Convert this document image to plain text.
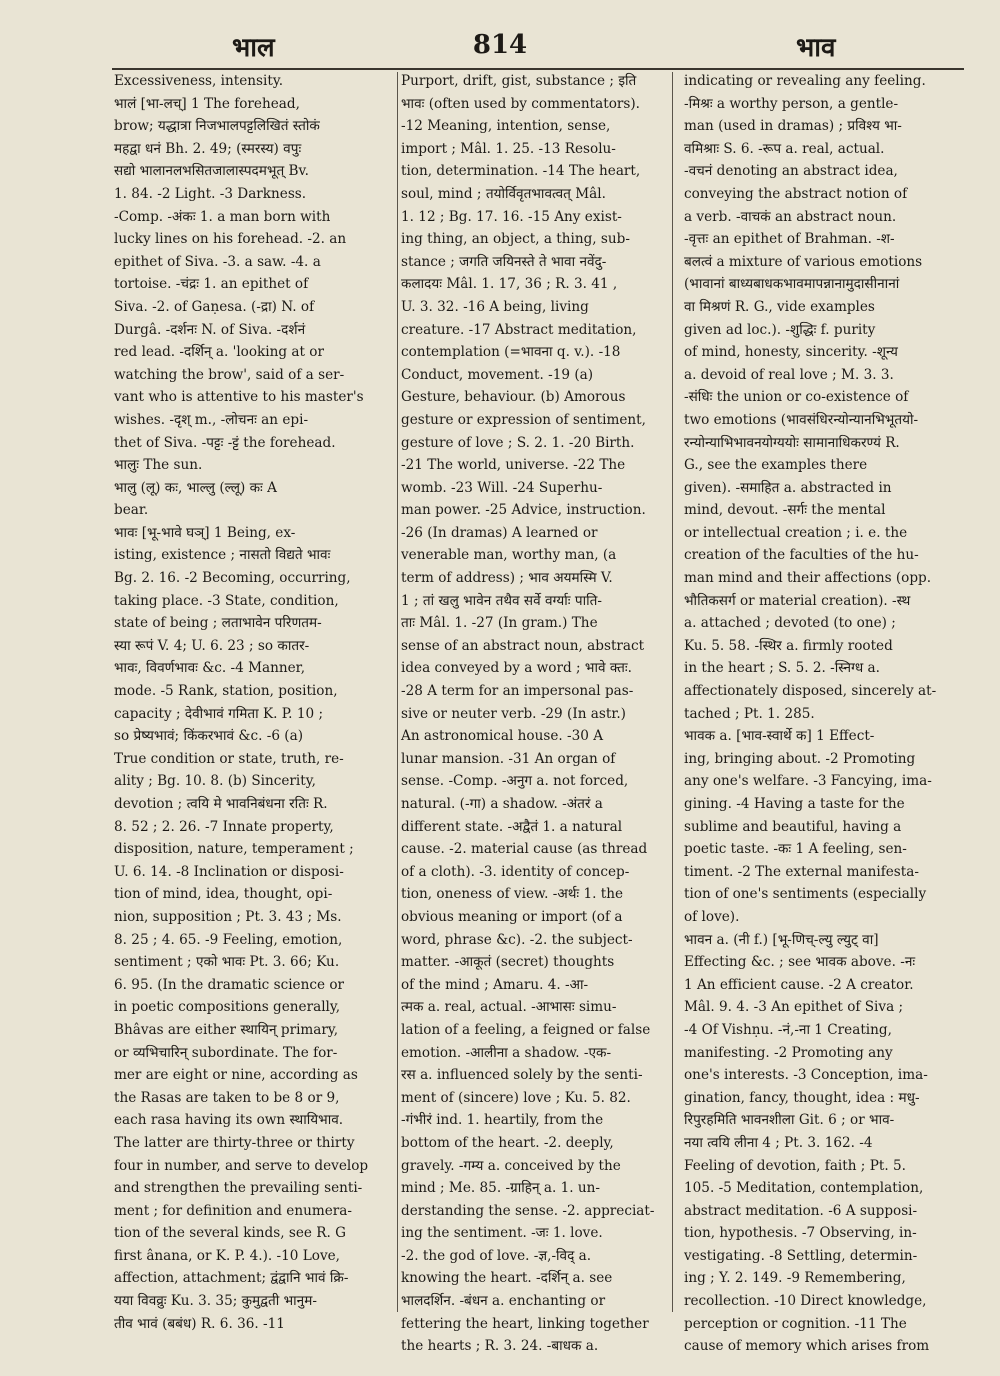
भाल	814	भाव
Excessiveness, intensity.
भालं [भा-लच्] 1 The forehead,
brow; यद्धात्रा निजभालपट्टलिखितं स्तोकं
महद्वा धनं Bh. 2. 49; (स्मरस्य) वपुः
सद्यो भालानलभसितजालास्पदमभूत् Bv.
1. 84. -2 Light. -3 Darkness.
-Comp. -अंकः 1. a man born with
lucky lines on his forehead. -2. an
epithet of Siva. -3. a saw. -4. a
tortoise. -चंद्रः 1. an epithet of
Siva. -2. of Gaṇesa. (-द्रा) N. of
Durgâ. -दर्शनः N. of Siva. -दर्शनं
red lead. -दर्शिन् a. 'looking at or
watching the brow', said of a ser-
vant who is attentive to his master's
wishes. -दृश् m., -लोचनः an epi-
thet of Siva. -पट्टः -ट्टं the forehead.
भालुः The sun.
भालु (लू) कः, भाल्लु (ल्लू) कः A
bear.
भावः [भू-भावे घञ्] 1 Being, ex-
isting, existence ; नासतो विद्यते भावः
Bg. 2. 16. -2 Becoming, occurring,
taking place. -3 State, condition,
state of being ; लताभावेन परिणतम-
स्या रूपं V. 4; U. 6. 23 ; so कातर-
भावः, विवर्णभावः &c. -4 Manner,
mode. -5 Rank, station, position,
capacity ; देवीभावं गमिता K. P. 10 ;
so प्रेष्यभावं; किंकरभावं &c. -6 (a)
True condition or state, truth, re-
ality ; Bg. 10. 8. (b) Sincerity,
devotion ; त्वयि मे भावनिबंधना रतिः R.
8. 52 ; 2. 26. -7 Innate property,
disposition, nature, temperament ;
U. 6. 14. -8 Inclination or disposi-
tion of mind, idea, thought, opi-
nion, supposition ; Pt. 3. 43 ; Ms.
8. 25 ; 4. 65. -9 Feeling, emotion,
sentiment ; एको भावः Pt. 3. 66; Ku.
6. 95. (In the dramatic science or
in poetic compositions generally,
Bhâvas are either स्थायिन् primary,
or व्यभिचारिन् subordinate. The for-
mer are eight or nine, according as
the Rasas are taken to be 8 or 9,
each rasa having its own स्थायिभाव.
The latter are thirty-three or thirty
four in number, and serve to develop
and strengthen the prevailing senti-
ment ; for definition and enumera-
tion of the several kinds, see R. G
first ânana, or K. P. 4.). -10 Love,
affection, attachment; द्वंद्वानि भावं क्रि-
यया विवव्रुः Ku. 3. 35; कुमुद्वती भानुम-
तीव भावं (बबंध) R. 6. 36. -11
Purport, drift, gist, substance ; इति
भावः (often used by commentators).
-12 Meaning, intention, sense,
import ; Mâl. 1. 25. -13 Resolu-
tion, determination. -14 The heart,
soul, mind ; तयोर्विवृतभावत्वत् Mâl.
1. 12 ; Bg. 17. 16. -15 Any exist-
ing thing, an object, a thing, sub-
stance ; जगति जयिनस्ते ते भावा नवेंदु-
कलादयः Mâl. 1. 17, 36 ; R. 3. 41 ,
U. 3. 32. -16 A being, living
creature. -17 Abstract meditation,
contemplation (=भावना q. v.). -18
Conduct, movement. -19 (a)
Gesture, behaviour. (b) Amorous
gesture or expression of sentiment,
gesture of love ; S. 2. 1. -20 Birth.
-21 The world, universe. -22 The
womb. -23 Will. -24 Superhu-
man power. -25 Advice, instruction.
-26 (In dramas) A learned or
venerable man, worthy man, (a
term of address) ; भाव अयमस्मि V.
1 ; तां खलु भावेन तथैव सर्वे वर्ग्याः पाति-
ताः Mâl. 1. -27 (In gram.) The
sense of an abstract noun, abstract
idea conveyed by a word ; भावे क्तः.
-28 A term for an impersonal pas-
sive or neuter verb. -29 (In astr.)
An astronomical house. -30 A
lunar mansion. -31 An organ of
sense. -Comp. -अनुग a. not forced,
natural. (-गा) a shadow. -अंतरं a
different state. -अद्वैतं 1. a natural
cause. -2. material cause (as thread
of a cloth). -3. identity of concep-
tion, oneness of view. -अर्थः 1. the
obvious meaning or import (of a
word, phrase &c). -2. the subject-
matter. -आकूतं (secret) thoughts
of the mind ; Amaru. 4. -आ-
त्मक a. real, actual. -आभासः simu-
lation of a feeling, a feigned or false
emotion. -आलीना a shadow. -एक-
रस a. influenced solely by the senti-
ment of (sincere) love ; Ku. 5. 82.
-गंभीरं ind. 1. heartily, from the
bottom of the heart. -2. deeply,
gravely. -गम्य a. conceived by the
mind ; Me. 85. -ग्राहिन् a. 1. un-
derstanding the sense. -2. appreciat-
ing the sentiment. -जः 1. love.
-2. the god of love. -ज्ञ,-विद् a.
knowing the heart. -दर्शिन् a. see
भालदर्शिन. -बंधन a. enchanting or
fettering the heart, linking together
the hearts ; R. 3. 24. -बाधक a.
indicating or revealing any feeling.
-मिश्रः a worthy person, a gentle-
man (used in dramas) ; प्रविश्य भा-
वमिश्राः S. 6. -रूप a. real, actual.
-वचनं denoting an abstract idea,
conveying the abstract notion of
a verb. -वाचकं an abstract noun.
-वृत्तः an epithet of Brahman. -श-
बलत्वं a mixture of various emotions
(भावानां बाध्यबाधकभावमापन्नानामुदासीनानां
वा मिश्रणं R. G., vide examples
given ad loc.). -शुद्धिः f. purity
of mind, honesty, sincerity. -शून्य
a. devoid of real love ; M. 3. 3.
-संधिः the union or co-existence of
two emotions (भावसंधिरन्योन्यानभिभूतयो-
रन्योन्याभिभावनयोग्ययोः सामानाधिकरण्यं R.
G., see the examples there
given). -समाहित a. abstracted in
mind, devout. -सर्गः the mental
or intellectual creation ; i. e. the
creation of the faculties of the hu-
man mind and their affections (opp.
भौतिकसर्ग or material creation). -स्थ
a. attached ; devoted (to one) ;
Ku. 5. 58. -स्थिर a. firmly rooted
in the heart ; S. 5. 2. -स्निग्ध a.
affectionately disposed, sincerely at-
tached ; Pt. 1. 285.
भावक a. [भाव-स्वार्थे क] 1 Effect-
ing, bringing about. -2 Promoting
any one's welfare. -3 Fancying, ima-
gining. -4 Having a taste for the
sublime and beautiful, having a
poetic taste. -कः 1 A feeling, sen-
timent. -2 The external manifesta-
tion of one's sentiments (especially
of love).
भावन a. (नी f.) [भू-णिच्-ल्यु ल्युट् वा]
Effecting &c. ; see भावक above. -नः
1 An efficient cause. -2 A creator.
Mâl. 9. 4. -3 An epithet of Siva ;
-4 Of Vishṇu. -नं,-ना 1 Creating,
manifesting. -2 Promoting any
one's interests. -3 Conception, ima-
gination, fancy, thought, idea : मधु-
रिपुरहमिति भावनशीला Git. 6 ; or भाव-
नया त्वयि लीना 4 ; Pt. 3. 162. -4
Feeling of devotion, faith ; Pt. 5.
105. -5 Meditation, contemplation,
abstract meditation. -6 A supposi-
tion, hypothesis. -7 Observing, in-
vestigating. -8 Settling, determin-
ing ; Y. 2. 149. -9 Remembering,
recollection. -10 Direct knowledge,
perception or cognition. -11 The
cause of memory which arises from
